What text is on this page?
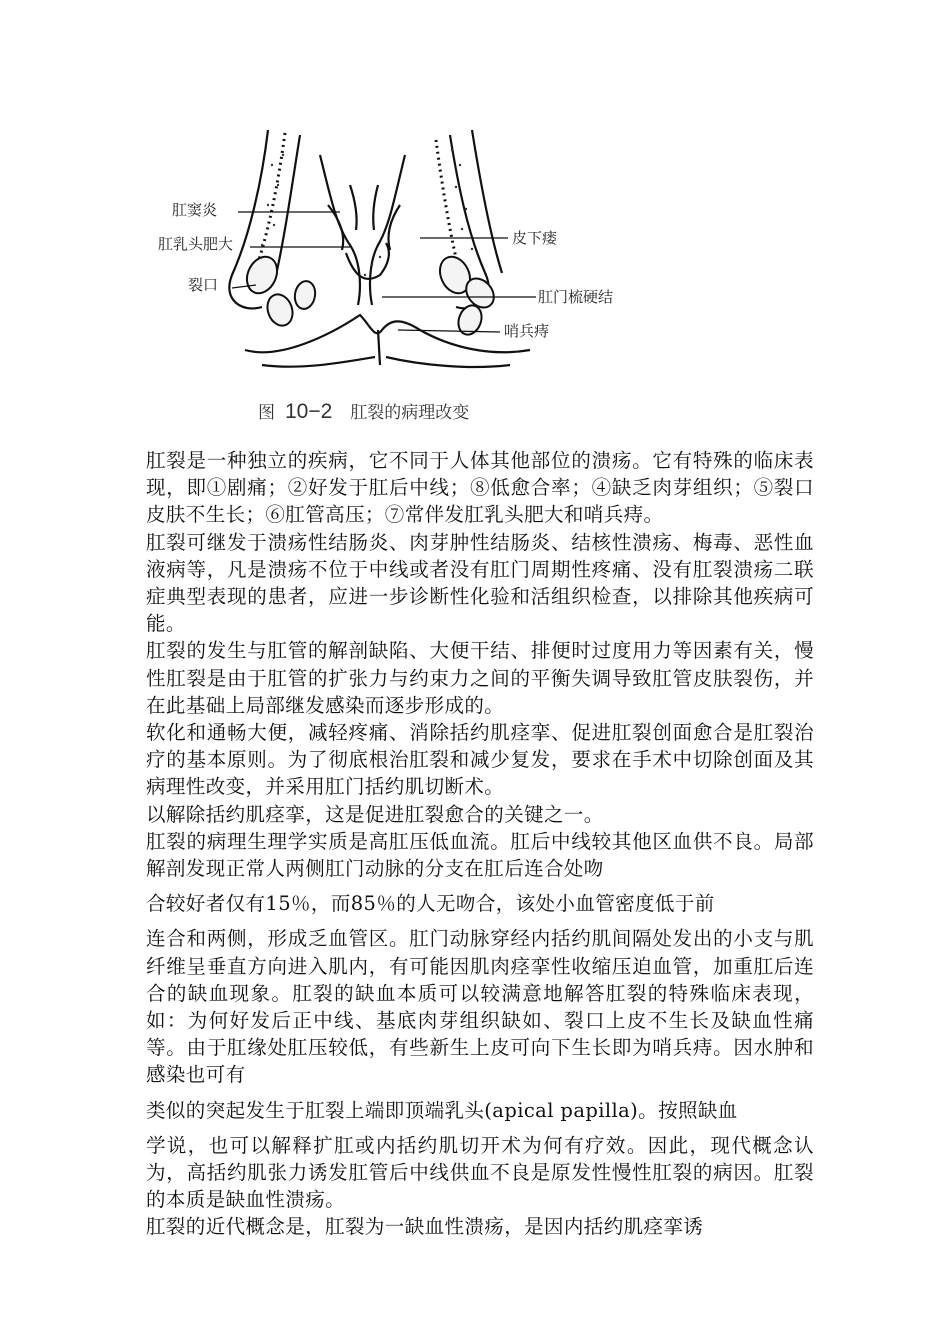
肛窦炎
肛乳头肥大
裂口
皮下瘘
肛门梳硬结
哨兵痔
图 10−2 肛裂的病理改变

肛裂是一种独立的疾病，它不同于人体其他部位的溃疡。它有特殊的临床表现，即①剧痛；②好发于肛后中线；⑧低愈合率；④缺乏肉芽组织；⑤裂口皮肤不生长；⑥肛管高压；⑦常伴发肛乳头肥大和哨兵痔。

肛裂可继发于溃疡性结肠炎、肉芽肿性结肠炎、结核性溃疡、梅毒、恶性血液病等，凡是溃疡不位于中线或者没有肛门周期性疼痛、没有肛裂溃疡二联症典型表现的患者，应进一步诊断性化验和活组织检查，以排除其他疾病可能。

肛裂的发生与肛管的解剖缺陷、大便干结、排便时过度用力等因素有关，慢性肛裂是由于肛管的扩张力与约束力之间的平衡失调导致肛管皮肤裂伤，并在此基础上局部继发感染而逐步形成的。

软化和通畅大便，减轻疼痛、消除括约肌痉挛、促进肛裂创面愈合是肛裂治疗的基本原则。为了彻底根治肛裂和减少复发，要求在手术中切除创面及其病理性改变，并采用肛门括约肌切断术。

以解除括约肌痉挛，这是促进肛裂愈合的关键之一。

肛裂的病理生理学实质是高肛压低血流。肛后中线较其他区血供不良。局部解剖发现正常人两侧肛门动脉的分支在肛后连合处吻

合较好者仅有15％，而85％的人无吻合，该处小血管密度低于前

连合和两侧，形成乏血管区。肛门动脉穿经内括约肌间隔处发出的小支与肌纤维呈垂直方向进入肌内，有可能因肌肉痉挛性收缩压迫血管，加重肛后连合的缺血现象。肛裂的缺血本质可以较满意地解答肛裂的特殊临床表现，如：为何好发后正中线、基底肉芽组织缺如、裂口上皮不生长及缺血性痛等。由于肛缘处肛压较低，有些新生上皮可向下生长即为哨兵痔。因水肿和感染也可有

类似的突起发生于肛裂上端即顶端乳头(apical papilla)。按照缺血

学说，也可以解释扩肛或内括约肌切开术为何有疗效。因此，现代概念认为，高括约肌张力诱发肛管后中线供血不良是原发性慢性肛裂的病因。肛裂的本质是缺血性溃疡。

肛裂的近代概念是，肛裂为一缺血性溃疡，是因内括约肌痉挛诱
